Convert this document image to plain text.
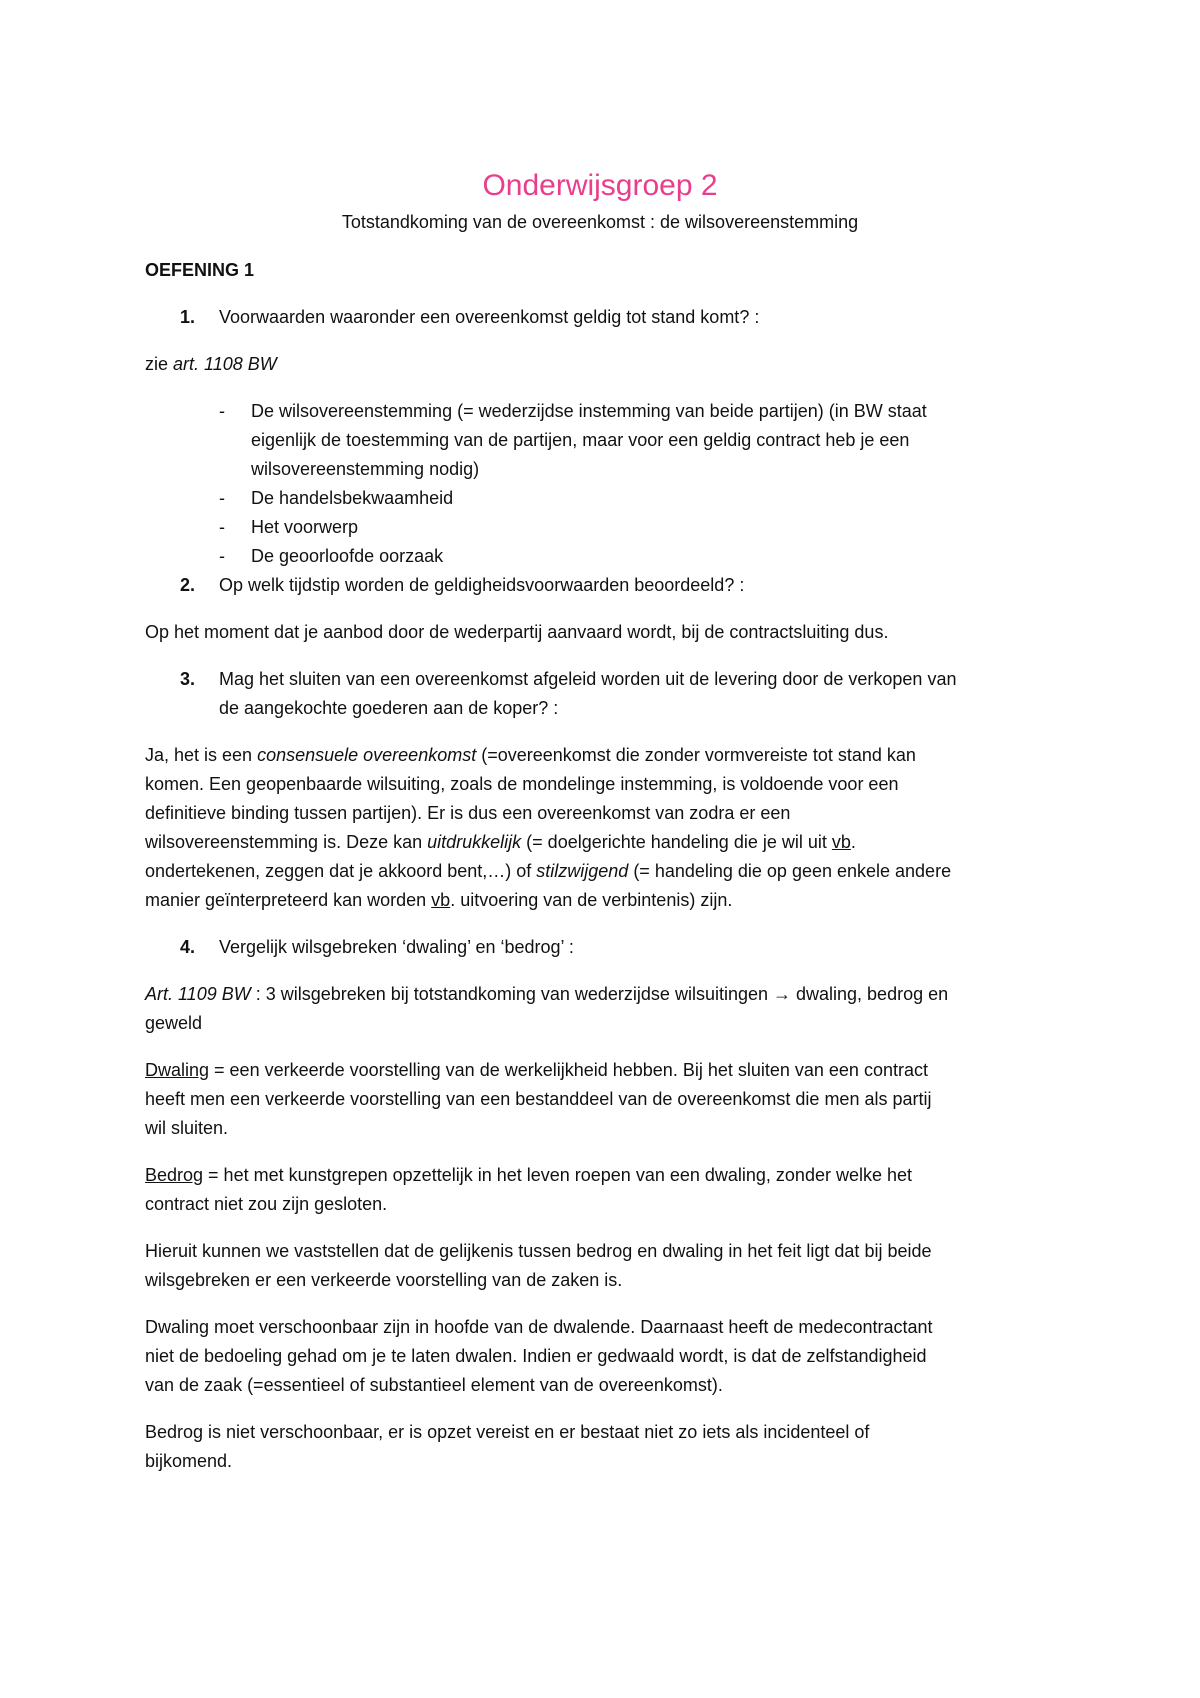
Onderwijsgroep 2
Totstandkoming van de overeenkomst : de wilsovereenstemming
OEFENING 1
1. Voorwaarden waaronder een overeenkomst geldig tot stand komt? :
zie art. 1108 BW
- De wilsovereenstemming (= wederzijdse instemming van beide partijen) (in BW staat
eigenlijk de toestemming van de partijen, maar voor een geldig contract heb je een
wilsovereenstemming nodig)
- De handelsbekwaamheid
- Het voorwerp
- De geoorloofde oorzaak
2. Op welk tijdstip worden de geldigheidsvoorwaarden beoordeeld? :
Op het moment dat je aanbod door de wederpartij aanvaard wordt, bij de contractsluiting dus.
3. Mag het sluiten van een overeenkomst afgeleid worden uit de levering door de verkopen van
de aangekochte goederen aan de koper? :
Ja, het is een consensuele overeenkomst (=overeenkomst die zonder vormvereiste tot stand kan
komen. Een geopenbaarde wilsuiting, zoals de mondelinge instemming, is voldoende voor een
definitieve binding tussen partijen). Er is dus een overeenkomst van zodra er een
wilsovereenstemming is. Deze kan uitdrukkelijk (= doelgerichte handeling die je wil uit vb.
ondertekenen, zeggen dat je akkoord bent,…) of stilzwijgend (= handeling die op geen enkele andere
manier geïnterpreteerd kan worden vb. uitvoering van de verbintenis) zijn.
4. Vergelijk wilsgebreken ‘dwaling’ en ‘bedrog’ :
Art. 1109 BW : 3 wilsgebreken bij totstandkoming van wederzijdse wilsuitingen → dwaling, bedrog en
geweld
Dwaling = een verkeerde voorstelling van de werkelijkheid hebben. Bij het sluiten van een contract
heeft men een verkeerde voorstelling van een bestanddeel van de overeenkomst die men als partij
wil sluiten.
Bedrog = het met kunstgrepen opzettelijk in het leven roepen van een dwaling, zonder welke het
contract niet zou zijn gesloten.
Hieruit kunnen we vaststellen dat de gelijkenis tussen bedrog en dwaling in het feit ligt dat bij beide
wilsgebreken er een verkeerde voorstelling van de zaken is.
Dwaling moet verschoonbaar zijn in hoofde van de dwalende. Daarnaast heeft de medecontractant
niet de bedoeling gehad om je te laten dwalen. Indien er gedwaald wordt, is dat de zelfstandigheid
van de zaak (=essentieel of substantieel element van de overeenkomst).
Bedrog is niet verschoonbaar, er is opzet vereist en er bestaat niet zo iets als incidenteel of
bijkomend.
